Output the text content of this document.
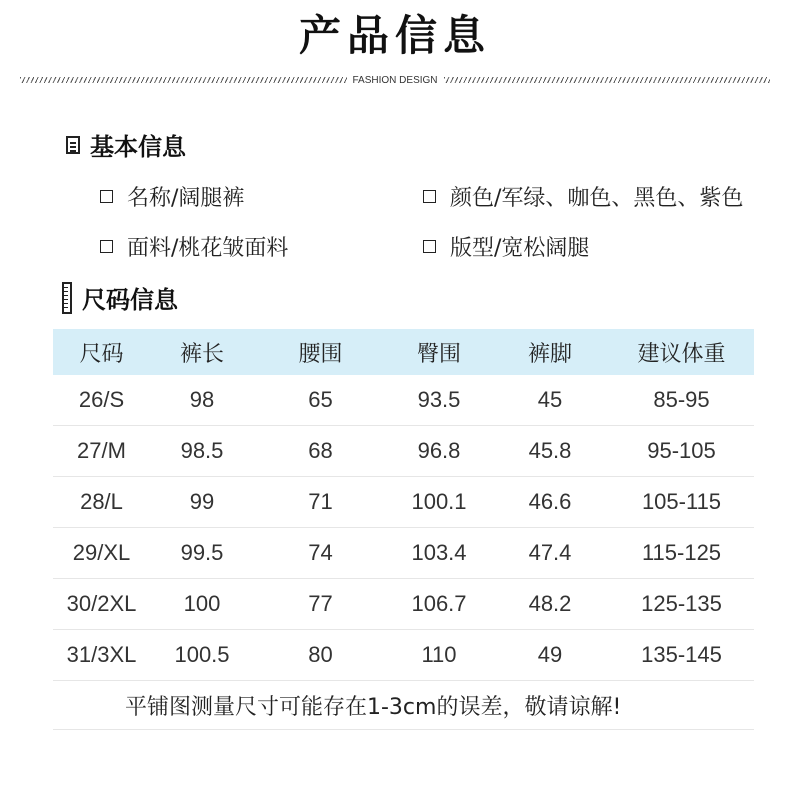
产品信息
FASHION DESIGN
基本信息
名称/阔腿裤	颜色/军绿、咖色、黑色、紫色
面料/桃花皱面料	版型/宽松阔腿
尺码信息
尺码	裤长	腰围	臀围	裤脚	建议体重
26/S	98	65	93.5	45	85-95
27/M	98.5	68	96.8	45.8	95-105
28/L	99	71	100.1	46.6	105-115
29/XL	99.5	74	103.4	47.4	115-125
30/2XL	100	77	106.7	48.2	125-135
31/3XL	100.5	80	110	49	135-145
平铺图测量尺寸可能存在1-3cm的误差，敬请谅解!					
